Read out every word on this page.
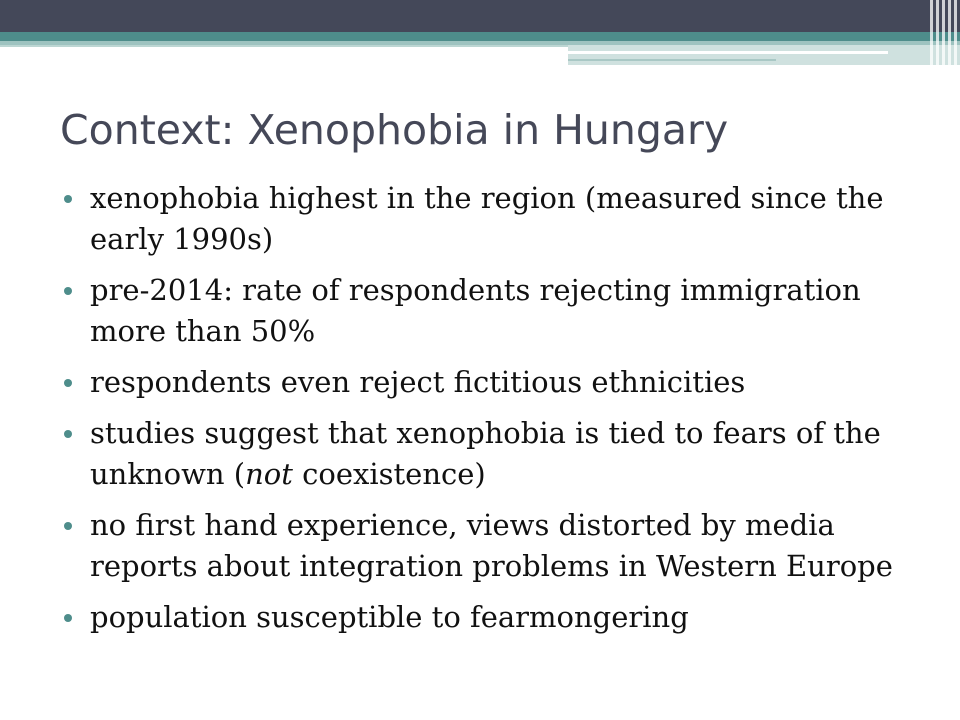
Context: Xenophobia in Hungary
xenophobia highest in the region (measured since the early 1990s)
pre-2014: rate of respondents rejecting immigration more than 50%
respondents even reject fictitious ethnicities
studies suggest that xenophobia is tied to fears of the unknown (not coexistence)
no first hand experience, views distorted by media reports about integration problems in Western Europe
population susceptible to fearmongering
